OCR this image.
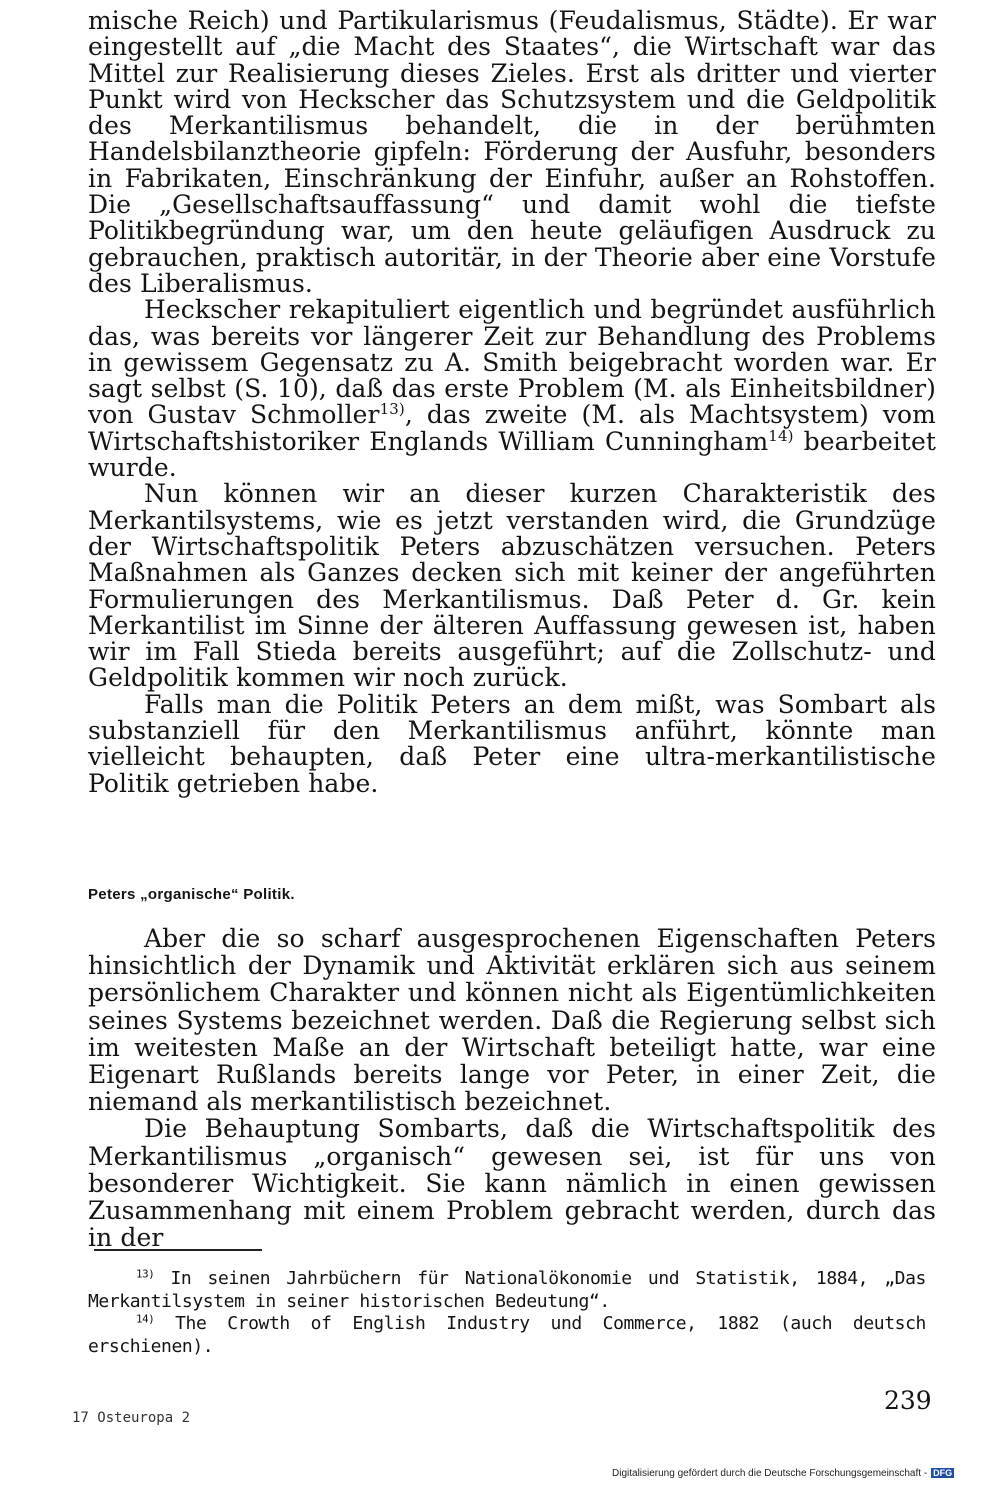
mische Reich) und Partikularismus (Feudalismus, Städte). Er war eingestellt auf „die Macht des Staates“, die Wirtschaft war das Mittel zur Realisierung dieses Zieles. Erst als dritter und vierter Punkt wird von Heckscher das Schutzsystem und die Geldpolitik des Merkantilismus behandelt, die in der berühmten Handelsbilanztheorie gipfeln: Förderung der Ausfuhr, besonders in Fabrikaten, Einschränkung der Einfuhr, außer an Rohstoffen. Die „Gesellschaftsauffassung“ und damit wohl die tiefste Politikbegründung war, um den heute geläufigen Ausdruck zu gebrauchen, praktisch autoritär, in der Theorie aber eine Vorstufe des Liberalismus.

Heckscher rekapituliert eigentlich und begründet ausführlich das, was bereits vor längerer Zeit zur Behandlung des Problems in gewissem Gegensatz zu A. Smith beigebracht worden war. Er sagt selbst (S. 10), daß das erste Problem (M. als Einheitsbildner) von Gustav Schmoller$^{13)}$, das zweite (M. als Machtsystem) vom Wirtschaftshistoriker Englands William Cunningham$^{14)}$ bearbeitet wurde.

Nun können wir an dieser kurzen Charakteristik des Merkantilsystems, wie es jetzt verstanden wird, die Grundzüge der Wirtschaftspolitik Peters abzuschätzen versuchen. Peters Maßnahmen als Ganzes decken sich mit keiner der angeführten Formulierungen des Merkantilismus. Daß Peter d. Gr. kein Merkantilist im Sinne der älteren Auffassung gewesen ist, haben wir im Fall Stieda bereits ausgeführt; auf die Zollschutz- und Geldpolitik kommen wir noch zurück.

Falls man die Politik Peters an dem mißt, was Sombart als substanziell für den Merkantilismus anführt, könnte man vielleicht behaupten, daß Peter eine ultra-merkantilistische Politik getrieben habe.

Peters „organische“ Politik.

Aber die so scharf ausgesprochenen Eigenschaften Peters hinsichtlich der Dynamik und Aktivität erklären sich aus seinem persönlichem Charakter und können nicht als Eigentümlichkeiten seines Systems bezeichnet werden. Daß die Regierung selbst sich im weitesten Maße an der Wirtschaft beteiligt hatte, war eine Eigenart Rußlands bereits lange vor Peter, in einer Zeit, die niemand als merkantilistisch bezeichnet.

Die Behauptung Sombarts, daß die Wirtschaftspolitik des Merkantilismus „organisch“ gewesen sei, ist für uns von besonderer Wichtigkeit. Sie kann nämlich in einen gewissen Zusammenhang mit einem Problem gebracht werden, durch das in der

$^{13)}$ In seinen Jahrbüchern für Nationalökonomie und Statistik, 1884, „Das Merkantilsystem in seiner historischen Bedeutung“.

$^{14)}$ The Crowth of English Industry und Commerce, 1882 (auch deutsch erschienen).

239
17 Osteuropa 2
Digitalisierung gefördert durch die Deutsche Forschungsgemeinschaft - DFG
